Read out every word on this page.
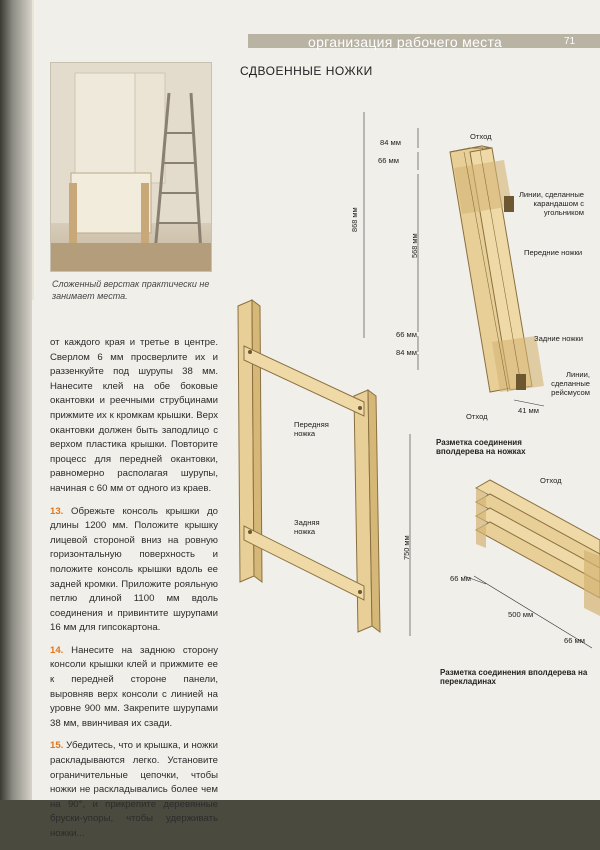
организация рабочего места	71
Сложенный верстак практически не занимает места.

от каждого края и третье в центре. Сверлом 6 мм просверлите их и раззенкуйте под шурупы 38 мм. Нанесите клей на обе боковые окантовки и реечными струбцинами прижмите их к кромкам крышки. Верх окантовки должен быть заподлицо с верхом пластика крышки. Повторите процесс для передней окантовки, равномерно располагая шурупы, начиная с 60 мм от одного из краев.

13. Обрежьте консоль крышки до длины 1200 мм. Положите крышку лицевой стороной вниз на ровную горизонтальную поверхность и положите консоль крышки вдоль ее задней кромки. Приложите рояльную петлю длиной 1100 мм вдоль соединения и привинтите шурупами 16 мм для гипсокартона.

14. Нанесите на заднюю сторону консоли крышки клей и прижмите ее к передней стороне панели, выровняв верх консоли с линией на уровне 900 мм. Закрепите шурупами 38 мм, ввинчивая их сзади.

15. Убедитесь, что и крышка, и ножки раскладываются легко. Установите ограничительные цепочки, чтобы ножки не раскладывались более чем на 90°, и прикрепите деревянные бруски-упоры, чтобы удерживать ножки...

СДВОЕННЫЕ НОЖКИ
Отход
Линии, сделанные карандашом с угольником
Передние ножки
Задние ножки
Линии, сделанные рейсмусом
Отход
Передняя ножка
Задняя ножка
Отход
84 мм
66 мм
868 мм
568 мм
66 мм
84 мм
41 мм
750 мм
66 мм
500 мм
66 мм
Разметка соединения вполдерева на ножках
Разметка соединения вполдерева на перекладинах
